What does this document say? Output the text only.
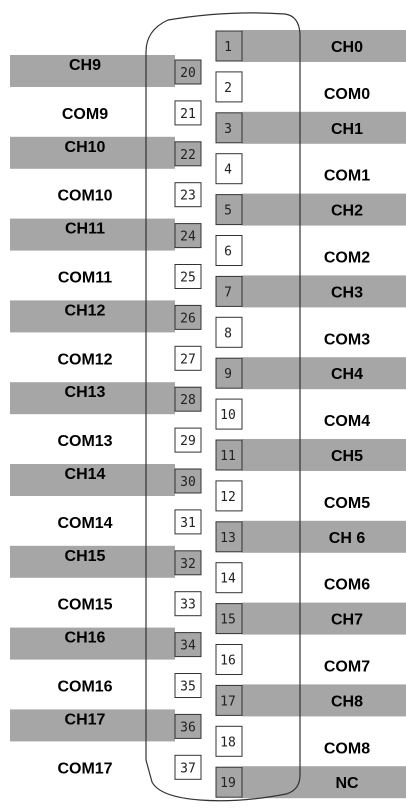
1
2
3
4
5
6
7
8
9
10
11
12
13
14
15
16
17
18
19
20
21
22
23
24
25
26
27
28
29
30
31
32
33
34
35
36
37
CH0
COM0
CH1
COM1
CH2
COM2
CH3
COM3
CH4
COM4
CH5
COM5
CH 6
COM6
CH7
COM7
CH8
COM8
NC
CH9
COM9
CH10
COM10
CH11
COM11
CH12
COM12
CH13
COM13
CH14
COM14
CH15
COM15
CH16
COM16
CH17
COM17
